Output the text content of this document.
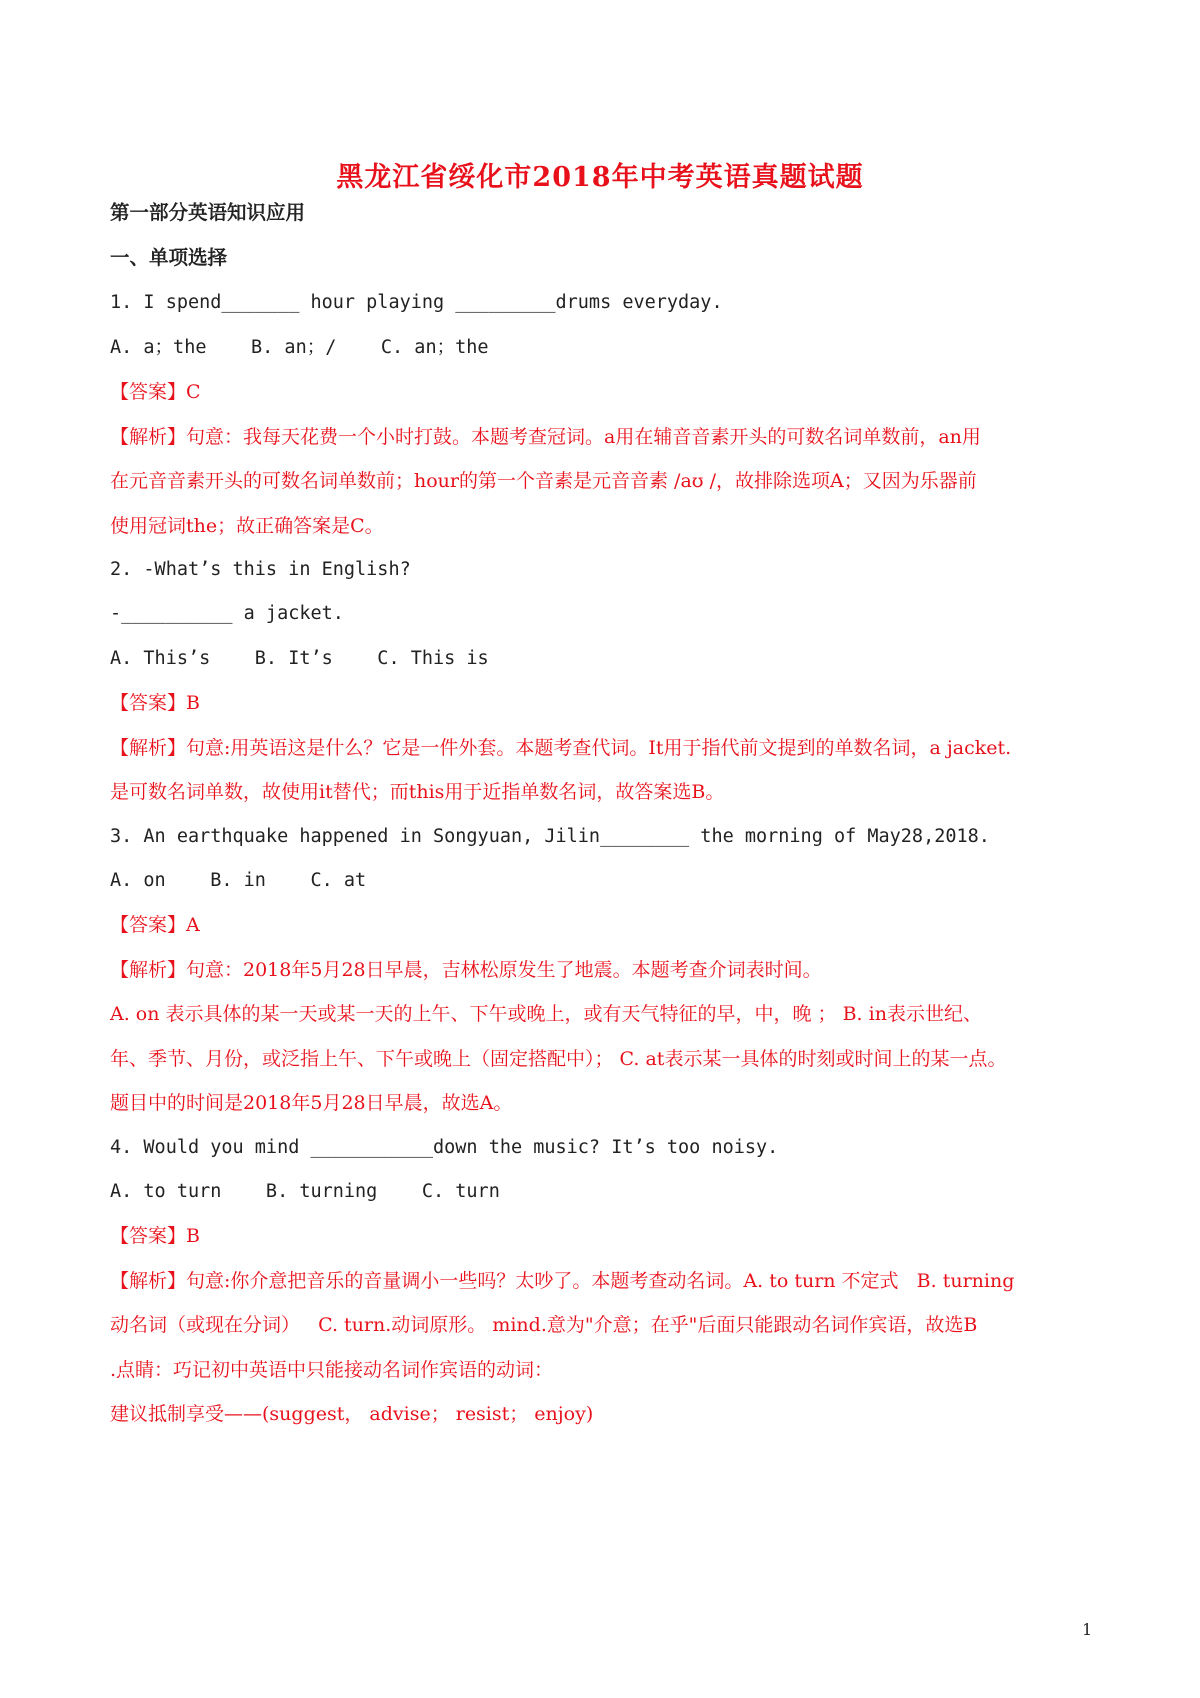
黑龙江省绥化市2018年中考英语真题试题
第一部分英语知识应用
一、单项选择
1. I spend_______ hour playing _________drums everyday.
A. a；the    B. an；/    C. an；the
【答案】C
【解析】句意：我每天花费一个小时打鼓。本题考查冠词。a用在辅音音素开头的可数名词单数前，an用
在元音音素开头的可数名词单数前；hour的第一个音素是元音音素 /aʊ /，故排除选项A；又因为乐器前
使用冠词the；故正确答案是C。
2. -What’s this in English?
-__________ a jacket.
A. This’s    B. It’s    C. This is
【答案】B
【解析】句意:用英语这是什么？它是一件外套。本题考查代词。It用于指代前文提到的单数名词，a jacket.
是可数名词单数，故使用it替代；而this用于近指单数名词，故答案选B。
3. An earthquake happened in Songyuan, Jilin________ the morning of May28,2018.
A. on    B. in    C. at
【答案】A
【解析】句意：2018年5月28日早晨，吉林松原发生了地震。本题考查介词表时间。
A. on 表示具体的某一天或某一天的上午、下午或晚上，或有天气特征的早，中，晚 ； B. in表示世纪、
年、季节、月份，或泛指上午、下午或晚上（固定搭配中）； C. at表示某一具体的时刻或时间上的某一点。
题目中的时间是2018年5月28日早晨，故选A。
4. Would you mind ___________down the music? It’s too noisy.
A. to turn    B. turning    C. turn
【答案】B
【解析】句意:你介意把音乐的音量调小一些吗？太吵了。本题考查动名词。A. to turn 不定式   B. turning
动名词（或现在分词）   C. turn.动词原形。 mind.意为"介意；在乎"后面只能跟动名词作宾语，故选B
.点睛：巧记初中英语中只能接动名词作宾语的动词：
建议抵制享受——(suggest， advise； resist； enjoy)
1
